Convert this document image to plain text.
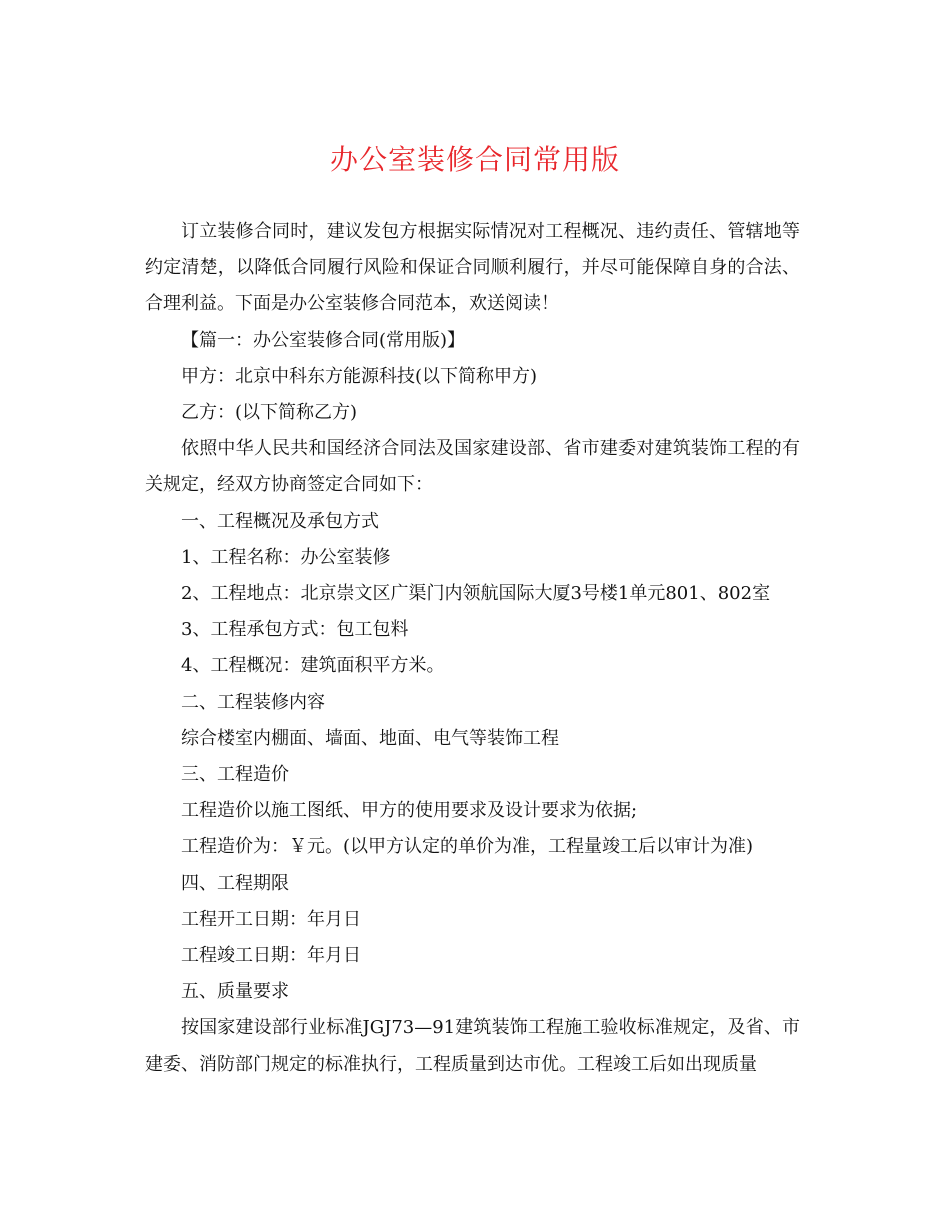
办公室装修合同常用版

订立装修合同时，建议发包方根据实际情况对工程概况、违约责任、管辖地等约定清楚，以降低合同履行风险和保证合同顺利履行，并尽可能保障自身的合法、合理利益。下面是办公室装修合同范本，欢送阅读！

【篇一：办公室装修合同(常用版)】

甲方：北京中科东方能源科技(以下简称甲方)

乙方：(以下简称乙方)

依照中华人民共和国经济合同法及国家建设部、省市建委对建筑装饰工程的有关规定，经双方协商签定合同如下：

一、工程概况及承包方式

1、工程名称：办公室装修

2、工程地点：北京崇文区广渠门内领航国际大厦3号楼1单元801、802室

3、工程承包方式：包工包料

4、工程概况：建筑面积平方米。

二、工程装修内容

综合楼室内棚面、墙面、地面、电气等装饰工程

三、工程造价

工程造价以施工图纸、甲方的使用要求及设计要求为依据;

工程造价为：￥元。(以甲方认定的单价为准，工程量竣工后以审计为准)

四、工程期限

工程开工日期：年月日

工程竣工日期：年月日

五、质量要求

按国家建设部行业标准JGJ73—91建筑装饰工程施工验收标准规定，及省、市建委、消防部门规定的标准执行，工程质量到达市优。工程竣工后如出现质量
